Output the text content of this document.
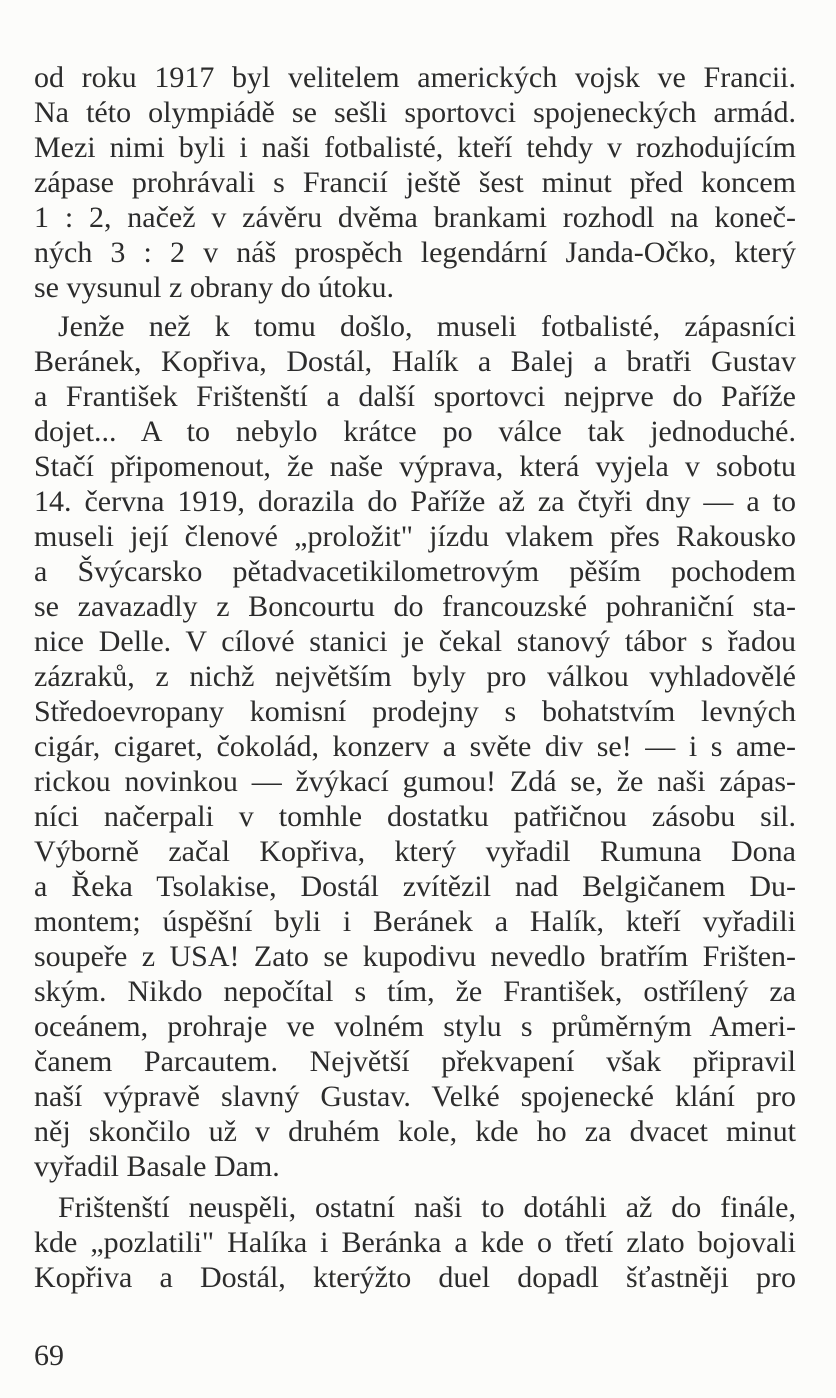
od roku 1917 byl velitelem amerických vojsk ve Francii.

Na této olympiádě se sešli sportovci spojeneckých armád.

Mezi nimi byli i naši fotbalisté, kteří tehdy v rozhodujícím

zápase prohrávali s Francií ještě šest minut před koncem

1 : 2, načež v závěru dvěma brankami rozhodl na koneč-

ných 3 : 2 v náš prospěch legendární Janda-Očko, který

se vysunul z obrany do útoku.

Jenže než k tomu došlo, museli fotbalisté, zápasníci

Beránek, Kopřiva, Dostál, Halík a Balej a bratři Gustav

a František Frištenští a další sportovci nejprve do Paříže

dojet... A to nebylo krátce po válce tak jednoduché.

Stačí připomenout, že naše výprava, která vyjela v sobotu

14. června 1919, dorazila do Paříže až za čtyři dny — a to

museli její členové „proložit" jízdu vlakem přes Rakousko

a Švýcarsko pětadvacetikilometrovým pěším pochodem

se zavazadly z Boncourtu do francouzské pohraniční sta-

nice Delle. V cílové stanici je čekal stanový tábor s řadou

zázraků, z nichž největším byly pro válkou vyhladovělé

Středoevropany komisní prodejny s bohatstvím levných

cigár, cigaret, čokolád, konzerv a světe div se! — i s ame-

rickou novinkou — žvýkací gumou! Zdá se, že naši zápas-

níci načerpali v tomhle dostatku patřičnou zásobu sil.

Výborně začal Kopřiva, který vyřadil Rumuna Dona

a Řeka Tsolakise, Dostál zvítězil nad Belgičanem Du-

montem; úspěšní byli i Beránek a Halík, kteří vyřadili

soupeře z USA! Zato se kupodivu nevedlo bratřím Frišten-

ským. Nikdo nepočítal s tím, že František, ostřílený za

oceánem, prohraje ve volném stylu s průměrným Ameri-

čanem Parcautem. Největší překvapení však připravil

naší výpravě slavný Gustav. Velké spojenecké klání pro

něj skončilo už v druhém kole, kde ho za dvacet minut

vyřadil Basale Dam.

Frištenští neuspěli, ostatní naši to dotáhli až do finále,

kde „pozlatili" Halíka i Beránka a kde o třetí zlato bojovali

Kopřiva a Dostál, kterýžto duel dopadl šťastněji pro

69
